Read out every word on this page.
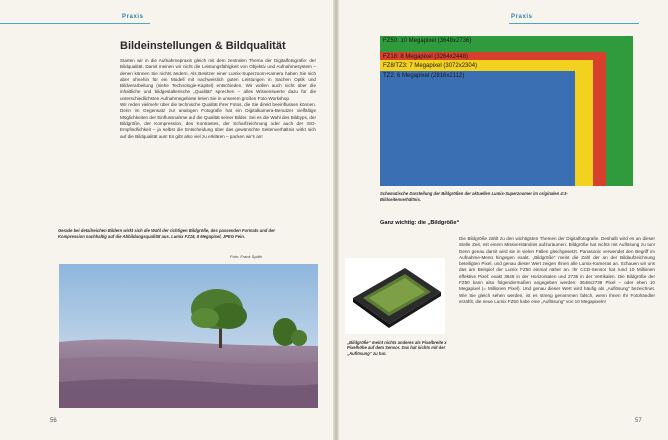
Praxis
Bildeinstellungen & Bildqualität

Starten wir in die Aufnahmepraxis gleich mit dem zentralen Thema der Digitalfotografie: der Bildqualität. Damit meinen wir nicht die Leistungsfähigkeit von Objektiv und Aufnahmesystem – denen können Sie nichts ändern. Als Besitzer einer Lumix-Superzoom-Kamera haben Sie sich aber ohnehin für ein Modell mit nachweislich guten Leistungen in Sachen Optik und Bildverarbeitung (siehe Technologie-Kapitel) entschieden. Wir wollen auch nicht über die inhaltliche und bildgestalterische „Qualität“ sprechen – alles Wissenswerte dazu für die unterschiedlichsten Aufnahmegebiete lesen Sie in unserem großen Foto-Workshop.

Wir reden vielmehr über die technische Qualität Ihrer Fotos, die Sie direkt beeinflussen können. Denn im Gegensatz zur analogen Fotografie hat ein Digitalkamera-Benutzer vielfältige Möglichkeiten der Einflussnahme auf die Qualität seiner Bilder. Sei es die Wahl des Bildtyps, der Bildgröße, der Kompression, des Kontrastes, der Scharfzeichnung oder auch der ISO-Empfindlichkeit – ja selbst die Entscheidung über das gewünschte Seitenverhältnis wirkt sich auf die Bildqualität aus! Es gibt also viel zu erklären – packen wir's an!

Gerade bei detailreichen Bildern wirkt sich die Wahl der richtigen Bildgröße, des passenden Formats und der Kompression nachhaltig auf die Abbildungsqualität aus. Lumix FZ18, 8 Megapixel, JPEG Fein.
Foto: Frank Späth
56
Praxis
FZ50: 10 Megapixel (3648x2736)
FZ18: 8 Megapixel (3264x2448)
FZ8/TZ3: 7 Megapixel (3072x2304)
TZ2: 6 Megapixel (2816x2112)
Schematische Darstellung der Bildgrößen der aktuellen Lumix-Superzoomer im originalen 4:3-Bildseitenverhältnis.
Ganz wichtig: die „Bildgröße“
Die Bildgröße zählt zu den wichtigsten Themen der Digitalfotografie. Deshalb wird es an dieser Stelle Zeit, mit einem Missverständnis aufzuräumen: Bildgröße hat nichts mit Auflösung zu tun! Denn genau damit wird sie in vielen Fällen gleichgesetzt. Panasonic verwendet den Begriff im Aufnahme-Menü hingegen exakt. „Bildgröße“ meint die Zahl der an der Bildaufzeichnung beteiligten Pixel, und genau dieser Wert zeigen Ihnen alle Lumix-Kameras an. Schauen wir uns das am Beispiel der Lumix FZ50 einmal näher an. Ihr CCD-Sensor hat rund 10 Millionen effektive Pixel: exakt 3648 in der Horizontalen und 2736 in der Vertikalen. Die Bildgröße der FZ50 kann also folgendermaßen angegeben werden: 3648x2736 Pixel – oder eben 10 Megapixel (= Millionen Pixel). Und genau dieser Wert wird häufig als „Auflösung“ bezeichnet. Wie Sie gleich sehen werden, ist es streng genommen falsch, wenn Ihnen Ihr Fotohändler erzählt, die neue Lumix FZ50 habe eine „Auflösung“ von 10 Megapixeln!
„Bildgröße“ meint nichts anderes als Pixelbreite x Pixelhöhe auf dem Sensor. Das hat nichts mit der „Auflösung“ zu tun.
57
